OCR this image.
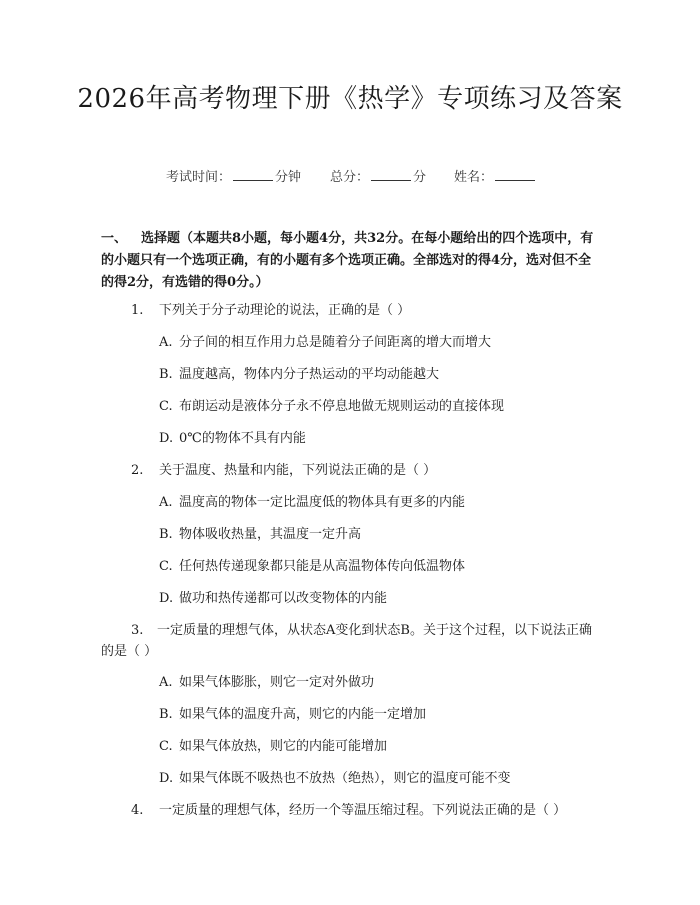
2026年高考物理下册《热学》专项练习及答案
考试时间：	分钟 总分：	分 姓名：
一、 选择题（本题共8小题，每小题4分，共32分。在每小题给出的四个选项中，有的小题只有一个选项正确，有的小题有多个选项正确。全部选对的得4分，选对但不全的得2分，有选错的得0分。）
1. 下列关于分子动理论的说法，正确的是（ ）
A. 分子间的相互作用力总是随着分子间距离的增大而增大
B. 温度越高，物体内分子热运动的平均动能越大
C. 布朗运动是液体分子永不停息地做无规则运动的直接体现
D. 0℃的物体不具有内能
2. 关于温度、热量和内能，下列说法正确的是（ ）
A. 温度高的物体一定比温度低的物体具有更多的内能
B. 物体吸收热量，其温度一定升高
C. 任何热传递现象都只能是从高温物体传向低温物体
D. 做功和热传递都可以改变物体的内能
3. 一定质量的理想气体，从状态A变化到状态B。关于这个过程，以下说法正确的是（ ）
A. 如果气体膨胀，则它一定对外做功
B. 如果气体的温度升高，则它的内能一定增加
C. 如果气体放热，则它的内能可能增加
D. 如果气体既不吸热也不放热（绝热），则它的温度可能不变
4. 一定质量的理想气体，经历一个等温压缩过程。下列说法正确的是（ ）
